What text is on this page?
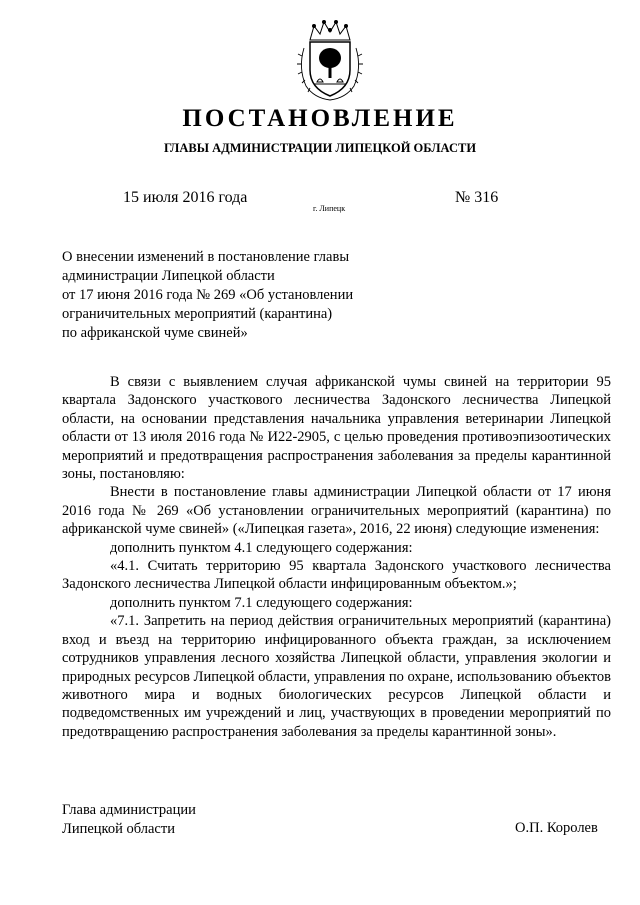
ПОСТАНОВЛЕНИЕ
ГЛАВЫ АДМИНИСТРАЦИИ ЛИПЕЦКОЙ ОБЛАСТИ
15 июля 2016 года
г. Липецк
№ 316
О внесении изменений в постановление главы
администрации Липецкой области
от 17 июня 2016 года № 269 «Об установлении
ограничительных мероприятий (карантина)
по африканской чуме свиней»

В связи с выявлением случая африканской чумы свиней на территории 95 квартала Задонского участкового лесничества Задонского лесничества Липецкой области, на основании представления начальника управления ветеринарии Липецкой области от 13 июля 2016 года № И22-2905, с целью проведения противоэпизоотических мероприятий и предотвращения распространения заболевания за пределы карантинной зоны, постановляю:

Внести в постановление главы администрации Липецкой области от 17 июня 2016 года № 269 «Об установлении ограничительных мероприятий (карантина) по африканской чуме свиней» («Липецкая газета», 2016, 22 июня) следующие изменения:

дополнить пунктом 4.1 следующего содержания:

«4.1. Считать территорию 95 квартала Задонского участкового лесничества Задонского лесничества Липецкой области инфицированным объектом.»;

дополнить пунктом 7.1 следующего содержания:

«7.1. Запретить на период действия ограничительных мероприятий (карантина) вход и въезд на территорию инфицированного объекта граждан, за исключением сотрудников управления лесного хозяйства Липецкой области, управления экологии и природных ресурсов Липецкой области, управления по охране, использованию объектов животного мира и водных биологических ресурсов Липецкой области и подведомственных им учреждений и лиц, участвующих в проведении мероприятий по предотвращению распространения заболевания за пределы карантинной зоны».

Глава администрации
Липецкой области	О.П. Королев
